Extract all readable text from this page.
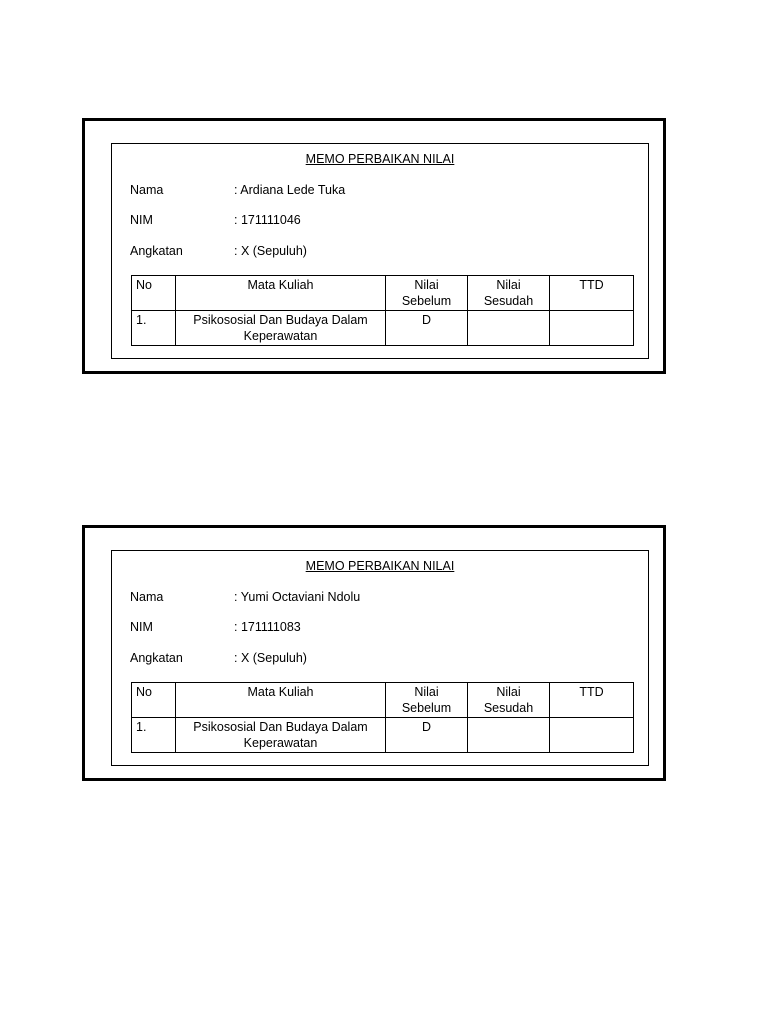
MEMO PERBAIKAN NILAI
Nama	: Ardiana Lede Tuka
NIM	: 171111046
Angkatan	: X (Sepuluh)
No	Mata Kuliah	Nilai Sebelum	Nilai Sesudah	TTD
1.	Psikososial Dan Budaya Dalam Keperawatan	D		
MEMO PERBAIKAN NILAI
Nama	: Yumi Octaviani Ndolu
NIM	: 171111083
Angkatan	: X (Sepuluh)
No	Mata Kuliah	Nilai Sebelum	Nilai Sesudah	TTD
1.	Psikososial Dan Budaya Dalam Keperawatan	D		
